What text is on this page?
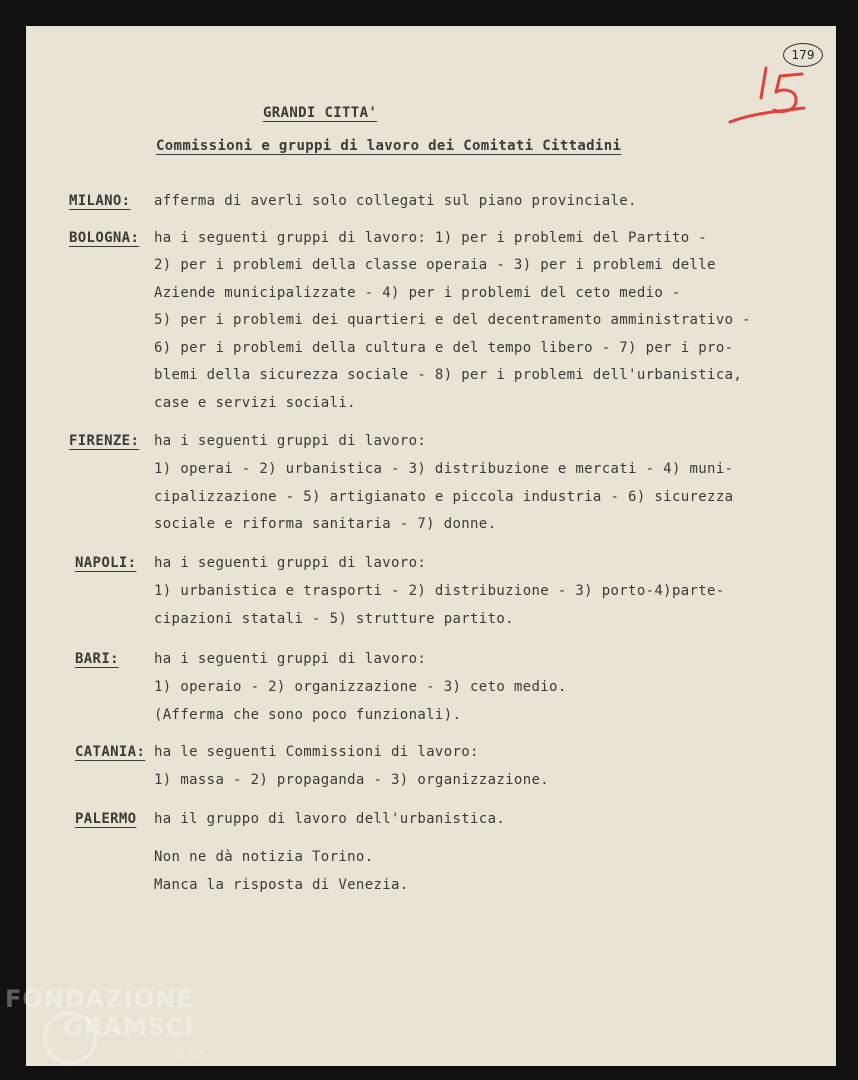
179
GRANDI CITTA'
Commissioni e gruppi di lavoro dei Comitati Cittadini
MILANO: afferma di averli solo collegati sul piano provinciale.
BOLOGNA: ha i seguenti gruppi di lavoro: 1) per i problemi del Partito -
2) per i problemi della classe operaia - 3) per i problemi delle
Aziende municipalizzate - 4) per i problemi del ceto medio -
5) per i problemi dei quartieri e del decentramento amministrativo -
6) per i problemi della cultura e del tempo libero - 7) per i pro-
blemi della sicurezza sociale - 8) per i problemi dell'urbanistica,
case e servizi sociali.
FIRENZE: ha i seguenti gruppi di lavoro:
1) operai - 2) urbanistica - 3) distribuzione e mercati - 4) muni-
cipalizzazione - 5) artigianato e piccola industria - 6) sicurezza
sociale e riforma sanitaria - 7) donne.
NAPOLI: ha i seguenti gruppi di lavoro:
1) urbanistica e trasporti - 2) distribuzione - 3) porto-4)parte-
cipazioni statali - 5) strutture partito.
BARI:	ha i seguenti gruppi di lavoro:
1) operaio - 2) organizzazione - 3) ceto medio.
(Afferma che sono poco funzionali).
CATANIA: ha le seguenti Commissioni di lavoro:
1) massa - 2) propaganda - 3) organizzazione.
PALERMO ha il gruppo di lavoro dell'urbanistica.
Non ne dà notizia Torino.
Manca la risposta di Venezia.
FONDAZIONE
GRAMSCI
onlus
